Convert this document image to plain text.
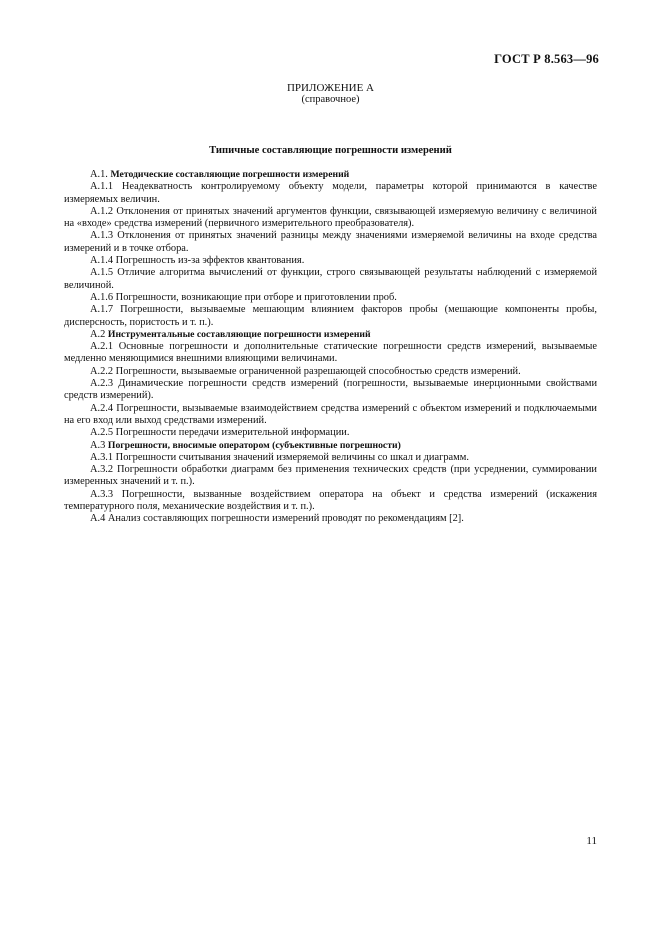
ГОСТ Р 8.563—96
ПРИЛОЖЕНИЕ А
(справочное)
Типичные составляющие погрешности измерений

А.1. Методические составляющие погрешности измерений

А.1.1 Неадекватность контролируемому объекту модели, параметры которой принимаются в качестве измеряемых величин.

А.1.2 Отклонения от принятых значений аргументов функции, связывающей измеряемую величину с величиной на «входе» средства измерений (первичного измерительного преобразователя).

А.1.3 Отклонения от принятых значений разницы между значениями измеряемой величины на входе средства измерений и в точке отбора.

А.1.4 Погрешность из-за эффектов квантования.

А.1.5 Отличие алгоритма вычислений от функции, строго связывающей результаты наблюдений с измеряемой величиной.

А.1.6 Погрешности, возникающие при отборе и приготовлении проб.

А.1.7 Погрешности, вызываемые мешающим влиянием факторов пробы (мешающие компоненты пробы, дисперсность, пористость и т. п.).

А.2 Инструментальные составляющие погрешности измерений

А.2.1 Основные погрешности и дополнительные статические погрешности средств измерений, вызываемые медленно меняющимися внешними влияющими величинами.

А.2.2 Погрешности, вызываемые ограниченной разрешающей способностью средств измерений.

А.2.3 Динамические погрешности средств измерений (погрешности, вызываемые инерционными свойствами средств измерений).

А.2.4 Погрешности, вызываемые взаимодействием средства измерений с объектом измерений и подключаемыми на его вход или выход средствами измерений.

А.2.5 Погрешности передачи измерительной информации.

А.3 Погрешности, вносимые оператором (субъективные погрешности)

А.3.1 Погрешности считывания значений измеряемой величины со шкал и диаграмм.

А.3.2 Погрешности обработки диаграмм без применения технических средств (при усреднении, суммировании измеренных значений и т. п.).

А.3.3 Погрешности, вызванные воздействием оператора на объект и средства измерений (искажения температурного поля, механические воздействия и т. п.).

А.4 Анализ составляющих погрешности измерений проводят по рекомендациям [2].

11
